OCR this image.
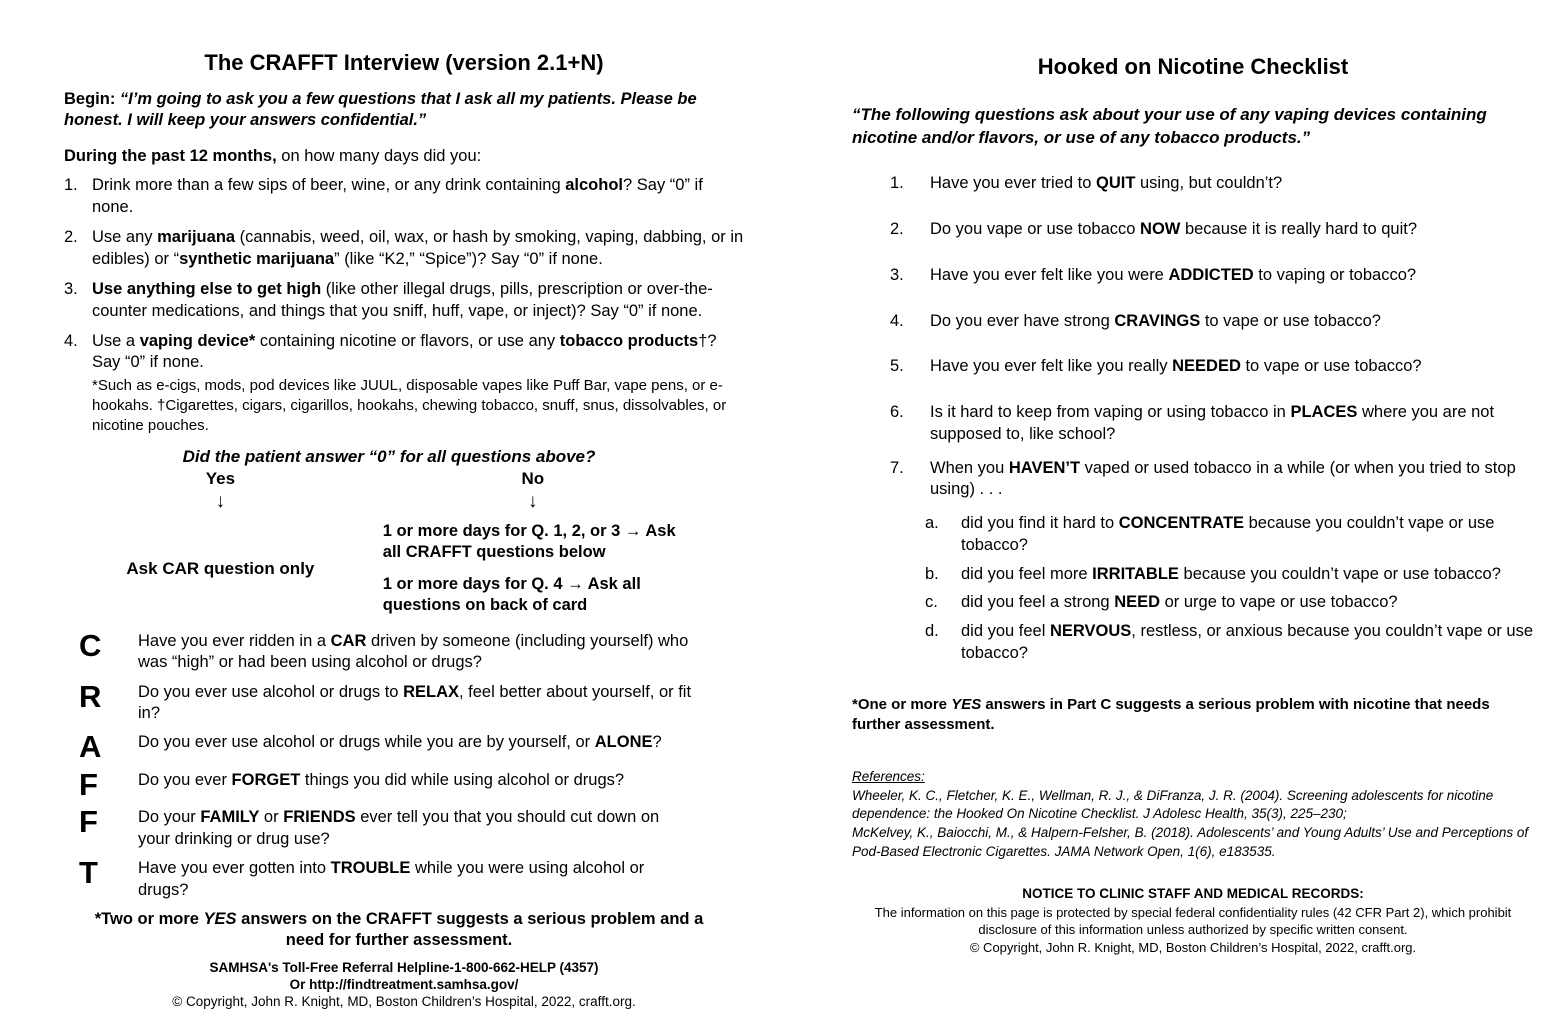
The CRAFFT Interview (version 2.1+N)

Begin: “I’m going to ask you a few questions that I ask all my patients. Please be honest. I will keep your answers confidential.”

During the past 12 months, on how many days did you:

1. Drink more than a few sips of beer, wine, or any drink containing alcohol? Say “0” if none.
2. Use any marijuana (cannabis, weed, oil, wax, or hash by smoking, vaping, dabbing, or in edibles) or “synthetic marijuana” (like “K2,” “Spice”)? Say “0” if none.
3. Use anything else to get high (like other illegal drugs, pills, prescription or over-the-counter medications, and things that you sniff, huff, vape, or inject)? Say “0” if none.
4. Use a vaping device* containing nicotine or flavors, or use any tobacco products†? Say “0” if none.
*Such as e-cigs, mods, pod devices like JUUL, disposable vapes like Puff Bar, vape pens, or e-hookahs. †Cigarettes, cigars, cigarillos, hookahs, chewing tobacco, snuff, snus, dissolvables, or nicotine pouches.

Did the patient answer “0” for all questions above?

Yes
↓
Ask CAR question only
No
↓

1 or more days for Q. 1, 2, or 3 → Ask all CRAFFT questions below

1 or more days for Q. 4 → Ask all questions on back of card

C	Have you ever ridden in a CAR driven by someone (including yourself) who was “high” or had been using alcohol or drugs?
R	Do you ever use alcohol or drugs to RELAX, feel better about yourself, or fit in?
A	Do you ever use alcohol or drugs while you are by yourself, or ALONE?
F	Do you ever FORGET things you did while using alcohol or drugs?
F	Do your FAMILY or FRIENDS ever tell you that you should cut down on your drinking or drug use?
T	Have you ever gotten into TROUBLE while you were using alcohol or drugs?

*Two or more YES answers on the CRAFFT suggests a serious problem and a need for further assessment.

SAMHSA's Toll-Free Referral Helpline-1-800-662-HELP (4357)

Or http://findtreatment.samhsa.gov/

© Copyright, John R. Knight, MD, Boston Children’s Hospital, 2022, crafft.org.

Hooked on Nicotine Checklist

“The following questions ask about your use of any vaping devices containing nicotine and/or flavors, or use of any tobacco products.”

1.	Have you ever tried to QUIT using, but couldn’t?
2.	Do you vape or use tobacco NOW because it is really hard to quit?
3.	Have you ever felt like you were ADDICTED to vaping or tobacco?
4.	Do you ever have strong CRAVINGS to vape or use tobacco?
5.	Have you ever felt like you really NEEDED to vape or use tobacco?
6.	Is it hard to keep from vaping or using tobacco in PLACES where you are not supposed to, like school?
7.	When you HAVEN’T vaped or used tobacco in a while (or when you tried to stop using) . . .
a.	did you find it hard to CONCENTRATE because you couldn’t vape or use tobacco?
b.	did you feel more IRRITABLE because you couldn’t vape or use tobacco?
c.	did you feel a strong NEED or urge to vape or use tobacco?
d.	did you feel NERVOUS, restless, or anxious because you couldn’t vape or use tobacco?

*One or more YES answers in Part C suggests a serious problem with nicotine that needs further assessment.

References:

Wheeler, K. C., Fletcher, K. E., Wellman, R. J., & DiFranza, J. R. (2004). Screening adolescents for nicotine dependence: the Hooked On Nicotine Checklist. J Adolesc Health, 35(3), 225–230;

McKelvey, K., Baiocchi, M., & Halpern-Felsher, B. (2018). Adolescents’ and Young Adults’ Use and Perceptions of Pod-Based Electronic Cigarettes. JAMA Network Open, 1(6), e183535.

NOTICE TO CLINIC STAFF AND MEDICAL RECORDS:

The information on this page is protected by special federal confidentiality rules (42 CFR Part 2), which prohibit disclosure of this information unless authorized by specific written consent.

© Copyright, John R. Knight, MD, Boston Children’s Hospital, 2022, crafft.org.
